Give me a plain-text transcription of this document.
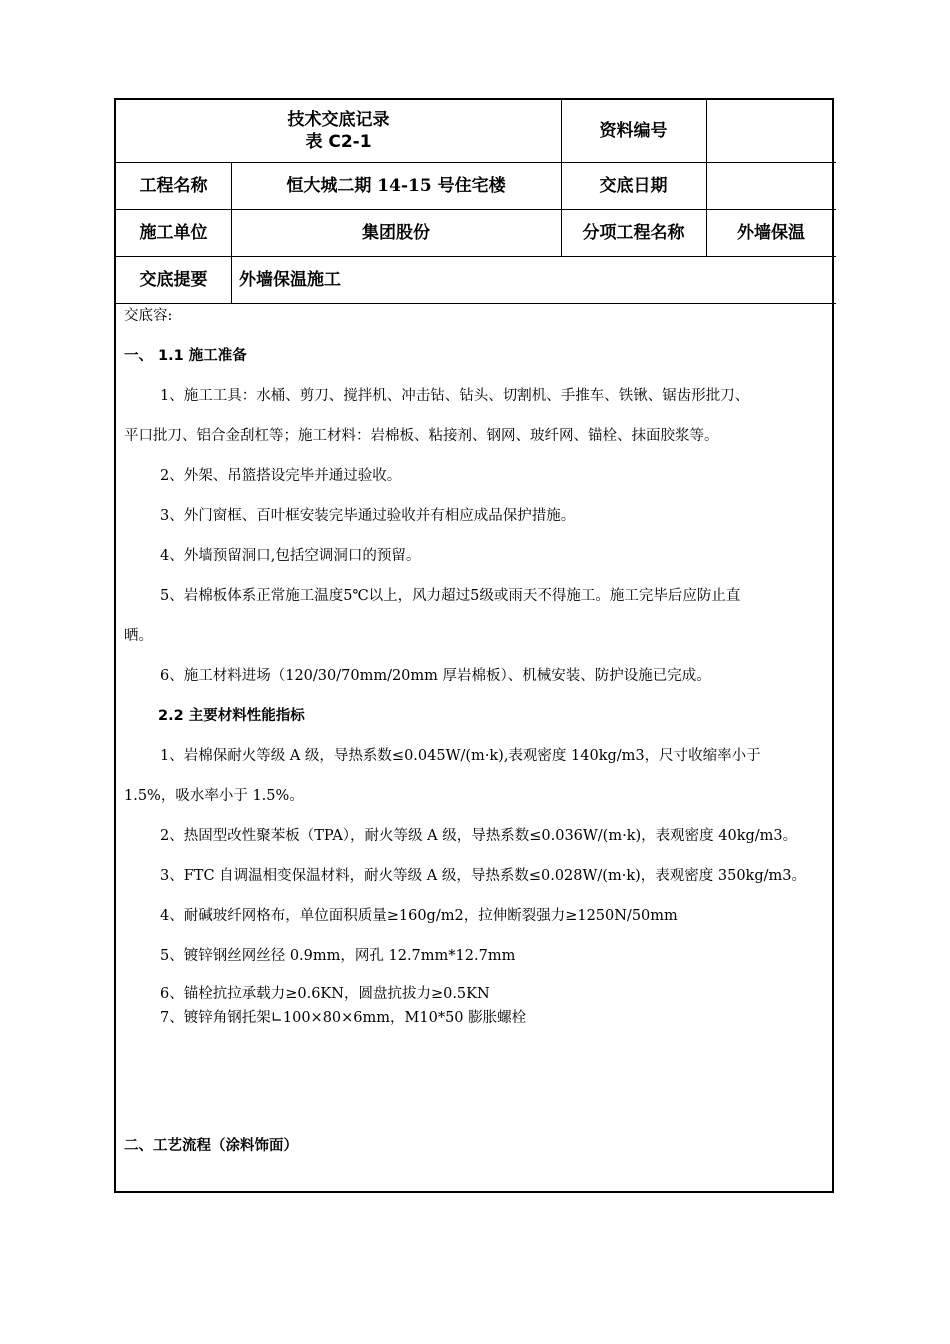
技术交底记录
表 C2-1
资料编号
工程名称	恒大城二期 14-15 号住宅楼	交底日期
施工单位	集团股份	分项工程名称	外墙保温
交底提要	外墙保温施工

交底容:

一、 1.1 施工准备

1、施工工具：水桶、剪刀、搅拌机、冲击钻、钻头、切割机、手推车、铁锹、锯齿形批刀、

平口批刀、铝合金刮杠等；施工材料：岩棉板、粘接剂、钢网、玻纤网、锚栓、抹面胶浆等。

2、外架、吊篮搭设完毕并通过验收。

3、外门窗框、百叶框安装完毕通过验收并有相应成品保护措施。

4、外墙预留洞口,包括空调洞口的预留。

5、岩棉板体系正常施工温度5℃以上，风力超过5级或雨天不得施工。施工完毕后应防止直

晒。

6、施工材料进场（120/30/70mm/20mm 厚岩棉板）、机械安装、防护设施已完成。

2.2 主要材料性能指标

1、岩棉保耐火等级 A 级，导热系数≤0.045W/(m·k),表观密度 140kg/m3，尺寸收缩率小于

1.5%，吸水率小于 1.5%。

2、热固型改性聚苯板（TPA），耐火等级 A 级，导热系数≤0.036W/(m·k)，表观密度 40kg/m3。

3、FTC 自调温相变保温材料，耐火等级 A 级，导热系数≤0.028W/(m·k)，表观密度 350kg/m3。

4、耐碱玻纤网格布，单位面积质量≥160g/m2，拉伸断裂强力≥1250N/50mm

5、镀锌钢丝网丝径 0.9mm，网孔 12.7mm*12.7mm

6、锚栓抗拉承载力≥0.6KN，圆盘抗拔力≥0.5KN

7、镀锌角钢托架∟100×80×6mm，M10*50 膨胀螺栓

二、工艺流程（涂料饰面）
